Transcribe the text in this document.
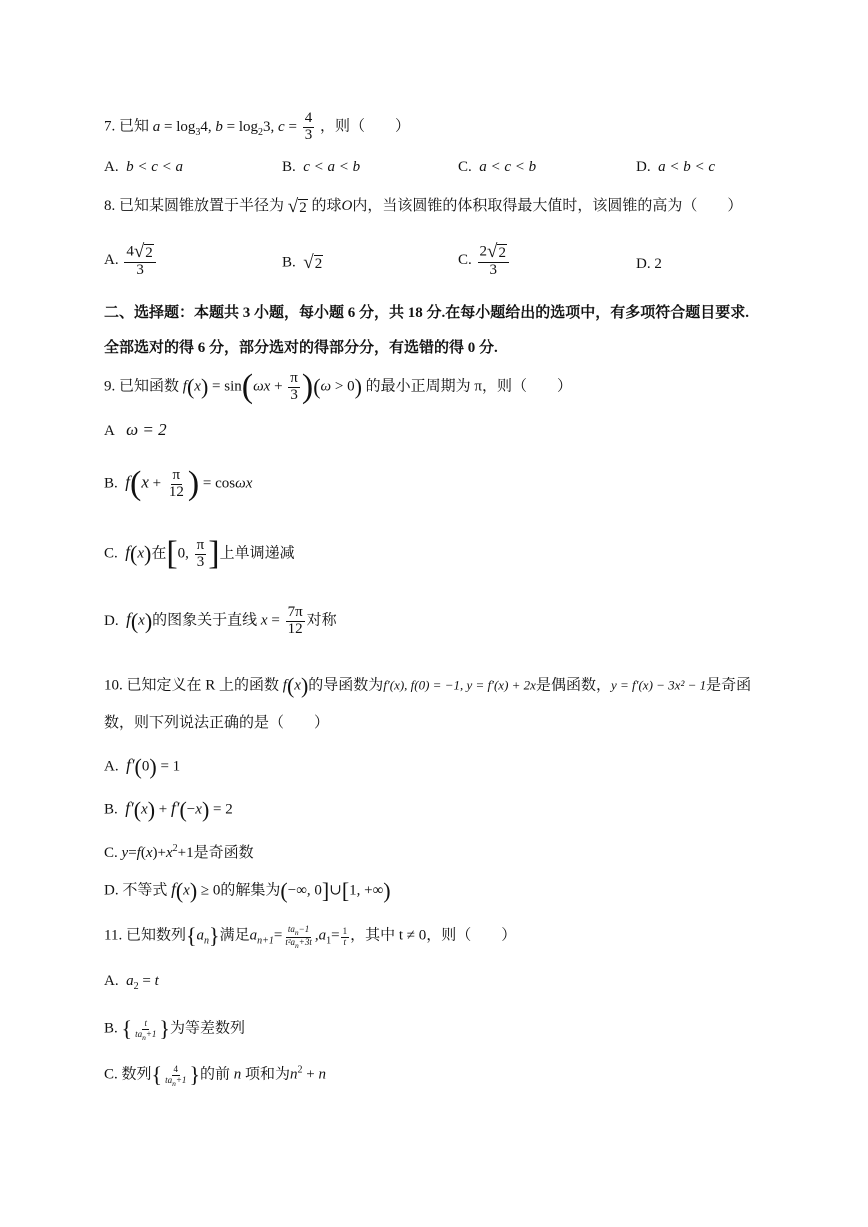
7. 已知 $a = \log_34$, $b = \log_23$, $c = \frac{4}{3}$ ，则（　　）
A. b < c < a	B. c < a < b	C. a < c < b	D. a < b < c
8. 已知某圆锥放置于半径为 √2 的球O内，当该圆锥的体积取得最大值时，该圆锥的高为（　　）
A. $\frac{4√2}{3}$	B. √2	C. $\frac{2√2}{3}$	D. 2
二、选择题：本题共 3 小题，每小题 6 分，共 18 分.在每小题给出的选项中，有多项符合题目要求.
全部选对的得 6 分，部分选对的得部分分，有选错的得 0 分.
9. 已知函数 $f(x) = \sin(\omega x + \frac{\pi}{3} )(\omega > 0)$ 的最小正周期为 π，则（　　）
A ω = 2
B. $f(x + \frac{\pi}{12}$ ) = cosωx
C. f(x)在[0, $\frac{\pi}{3}$ ]上单调递减
D. f(x)的图象关于直线 $x = \frac{7\pi}{12}$ 对称
10. 已知定义在 R 上的函数 f(x)的导函数为f′(x), f(0) = −1, y = f′(x) + 2x是偶函数，y = f′(x) − 3x² − 1是奇函
数，则下列说法正确的是（　　）
A. f′(0) = 1
B. f′(x) + f′(−x) = 2
C. $y=f(x)+x^2+1$是奇函数
D. 不等式 f(x) ≥ 0的解集为(−∞, 0]∪[1, +∞)
11. 已知数列$\{a_n\}$满足$a_{n+1}= \frac{ta_n-1}{t^2a_n+3t} ,a_1= \frac{1}{t}$ ，其中 t ≠ 0，则（　　）
A. $a_2 = t$
B. { $\frac{t}{ta_n+1}$ }为等差数列
C. 数列{ $\frac{4}{ta_n+1}$ }的前 n 项和为$n^2 + n$
